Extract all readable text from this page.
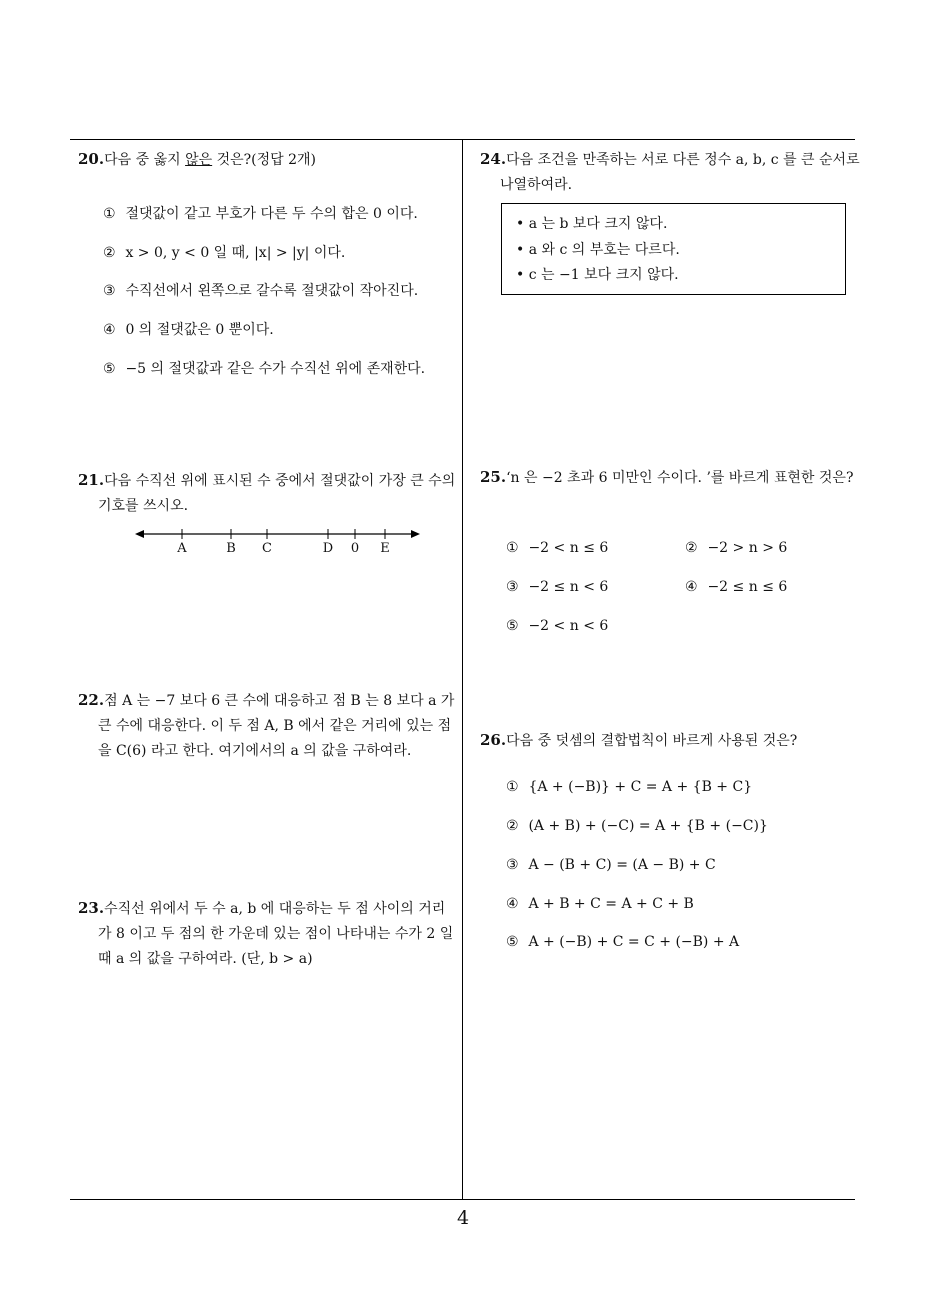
20.다음 중 옳지 않은 것은?(정답 2개)
① 절댓값이 같고 부호가 다른 두 수의 합은 0 이다.
② x > 0, y < 0 일 때, |x| > |y| 이다.
③ 수직선에서 왼쪽으로 갈수록 절댓값이 작아진다.
④ 0 의 절댓값은 0 뿐이다.
⑤ −5 의 절댓값과 같은 수가 수직선 위에 존재한다.
21.다음 수직선 위에 표시된 수 중에서 절댓값이 가장 큰 수의 기호를 쓰시오.
A	B C	D 0 E
22.점 A 는 −7 보다 6 큰 수에 대응하고 점 B 는 8 보다 a 가 큰 수에 대응한다. 이 두 점 A, B 에서 같은 거리에 있는 점을 C(6) 라고 한다. 여기에서의 a 의 값을 구하여라.
23.수직선 위에서 두 수 a, b 에 대응하는 두 점 사이의 거리가 8 이고 두 점의 한 가운데 있는 점이 나타내는 수가 2 일 때 a 의 값을 구하여라. (단, b > a)
24.다음 조건을 만족하는 서로 다른 정수 a, b, c 를 큰 순서로 나열하여라.
• a 는 b 보다 크지 않다.
• a 와 c 의 부호는 다르다.
• c 는 −1 보다 크지 않다.
25.‘n 은 −2 초과 6 미만인 수이다. ’를 바르게 표현한 것은?
① −2 < n ≤ 6	② −2 > n > 6
③ −2 ≤ n < 6	④ −2 ≤ n ≤ 6
⑤ −2 < n < 6
26.다음 중 덧셈의 결합법칙이 바르게 사용된 것은?
① {A + (−B)} + C = A + {B + C}
② (A + B) + (−C) = A + {B + (−C)}
③ A − (B + C) = (A − B) + C
④ A + B + C = A + C + B
⑤ A + (−B) + C = C + (−B) + A
4
